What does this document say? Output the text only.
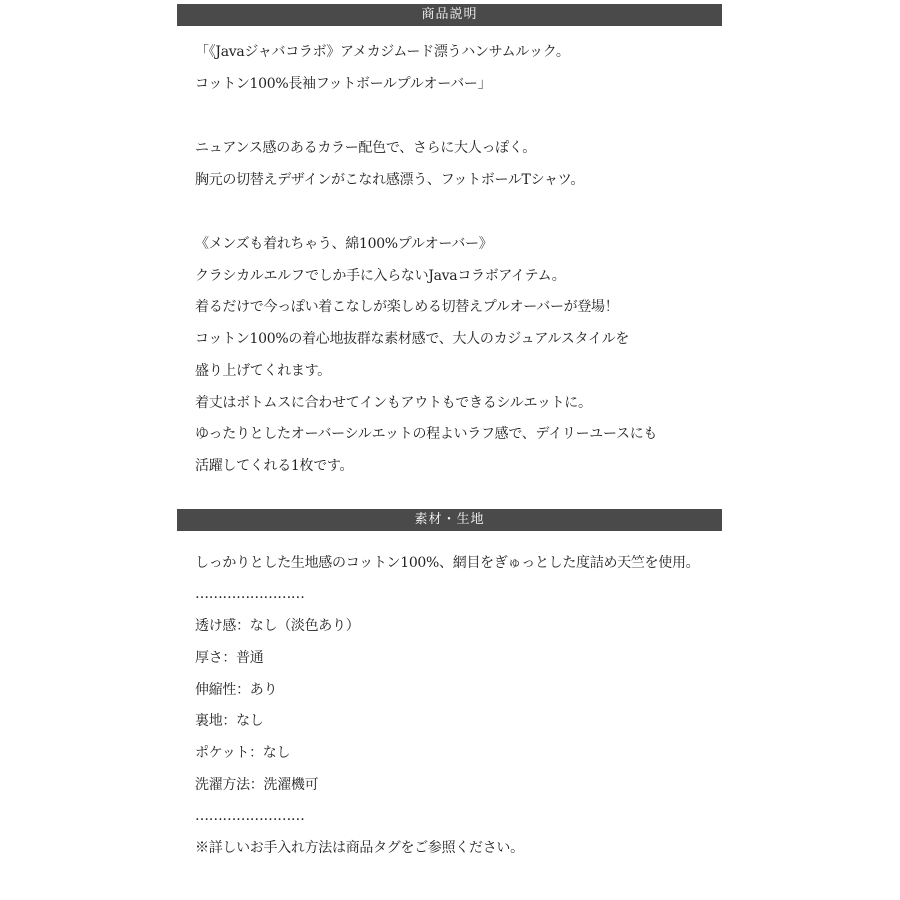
商品説明
「《Javaジャバコラボ》アメカジムード漂うハンサムルック。
コットン100%長袖フットボールプルオーバー」
ニュアンス感のあるカラー配色で、さらに大人っぽく。
胸元の切替えデザインがこなれ感漂う、フットボールTシャツ。
《メンズも着れちゃう、綿100%プルオーバー》
クラシカルエルフでしか手に入らないJavaコラボアイテム。
着るだけで今っぽい着こなしが楽しめる切替えプルオーバーが登場！
コットン100%の着心地抜群な素材感で、大人のカジュアルスタイルを
盛り上げてくれます。
着丈はボトムスに合わせてインもアウトもできるシルエットに。
ゆったりとしたオーバーシルエットの程よいラフ感で、デイリーユースにも
活躍してくれる1枚です。
素材・生地
しっかりとした生地感のコットン100%、網目をぎゅっとした度詰め天竺を使用。
……………………
透け感：なし（淡色あり）
厚さ：普通
伸縮性：あり
裏地：なし
ポケット：なし
洗濯方法：洗濯機可
……………………
※詳しいお手入れ方法は商品タグをご参照ください。
